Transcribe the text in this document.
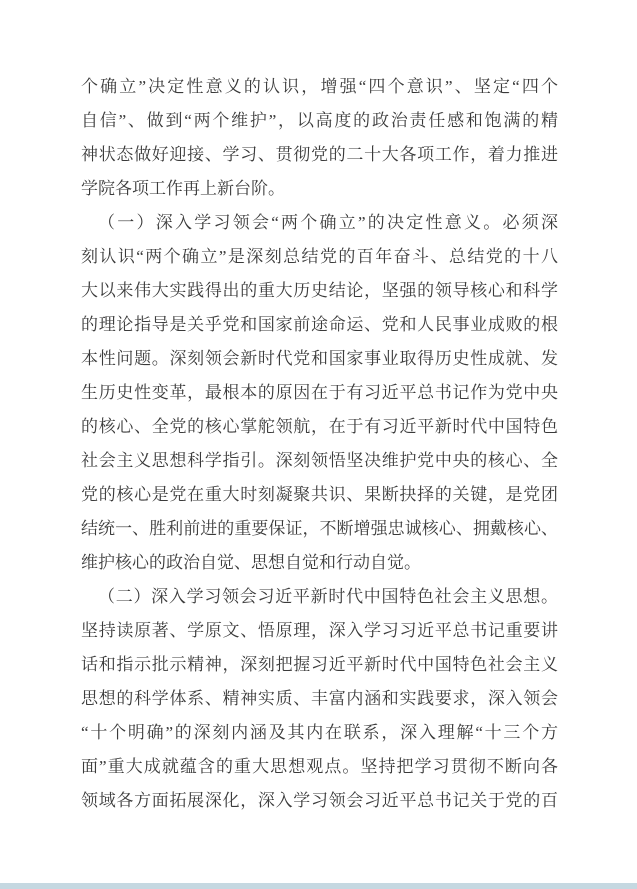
个确立”决定性意义的认识，增强“四个意识”、坚定“四个
自信”、做到“两个维护”，以高度的政治责任感和饱满的精
神状态做好迎接、学习、贯彻党的二十大各项工作，着力推进
学院各项工作再上新台阶。
（一）深入学习领会“两个确立”的决定性意义。必须深
刻认识“两个确立”是深刻总结党的百年奋斗、总结党的十八
大以来伟大实践得出的重大历史结论，坚强的领导核心和科学
的理论指导是关乎党和国家前途命运、党和人民事业成败的根
本性问题。深刻领会新时代党和国家事业取得历史性成就、发
生历史性变革，最根本的原因在于有习近平总书记作为党中央
的核心、全党的核心掌舵领航，在于有习近平新时代中国特色
社会主义思想科学指引。深刻领悟坚决维护党中央的核心、全
党的核心是党在重大时刻凝聚共识、果断抉择的关键，是党团
结统一、胜利前进的重要保证，不断增强忠诚核心、拥戴核心、
维护核心的政治自觉、思想自觉和行动自觉。
（二）深入学习领会习近平新时代中国特色社会主义思想。
坚持读原著、学原文、悟原理，深入学习习近平总书记重要讲
话和指示批示精神，深刻把握习近平新时代中国特色社会主义
思想的科学体系、精神实质、丰富内涵和实践要求，深入领会
“十个明确”的深刻内涵及其内在联系，深入理解“十三个方
面”重大成就蕴含的重大思想观点。坚持把学习贯彻不断向各
领域各方面拓展深化，深入学习领会习近平总书记关于党的百
